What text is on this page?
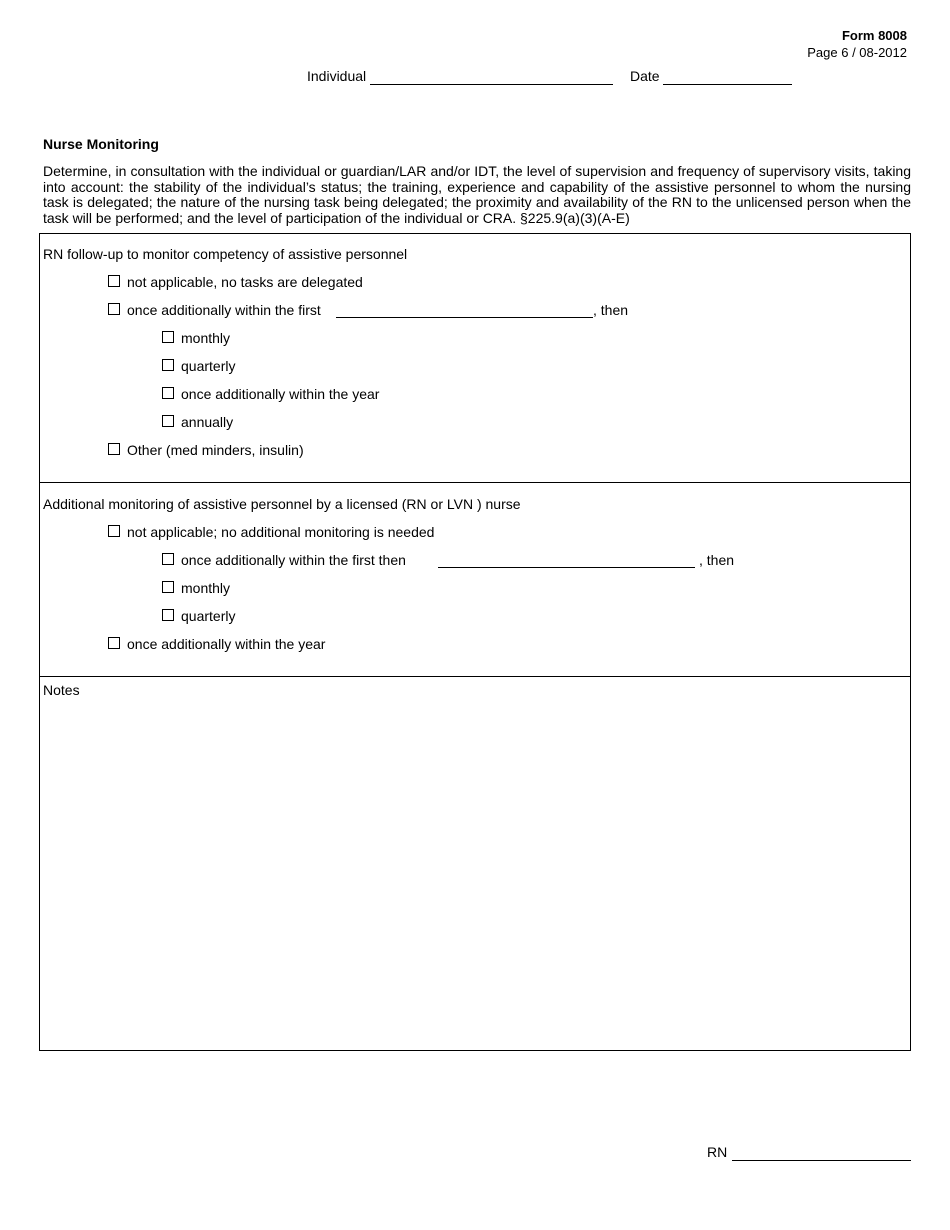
Form 8008
Page 6 / 08-2012
Individual	Date
Nurse Monitoring
Determine, in consultation with the individual or guardian/LAR and/or IDT, the level of supervision and frequency of supervisory visits, taking into account: the stability of the individual’s status; the training, experience and capability of the assistive personnel to whom the nursing task is delegated; the nature of the nursing task being delegated; the proximity and availability of the RN to the unlicensed person when the task will be performed; and the level of participation of the individual or CRA. §225.9(a)(3)(A-E)
RN follow-up to monitor competency of assistive personnel
not applicable, no tasks are delegated
once additionally within the first	, then
monthly
quarterly
once additionally within the year
annually
Other (med minders, insulin)
Additional monitoring of assistive personnel by a licensed (RN or LVN ) nurse
not applicable; no additional monitoring is needed
once additionally within the first then	, then
monthly
quarterly
once additionally within the year
Notes
RN
